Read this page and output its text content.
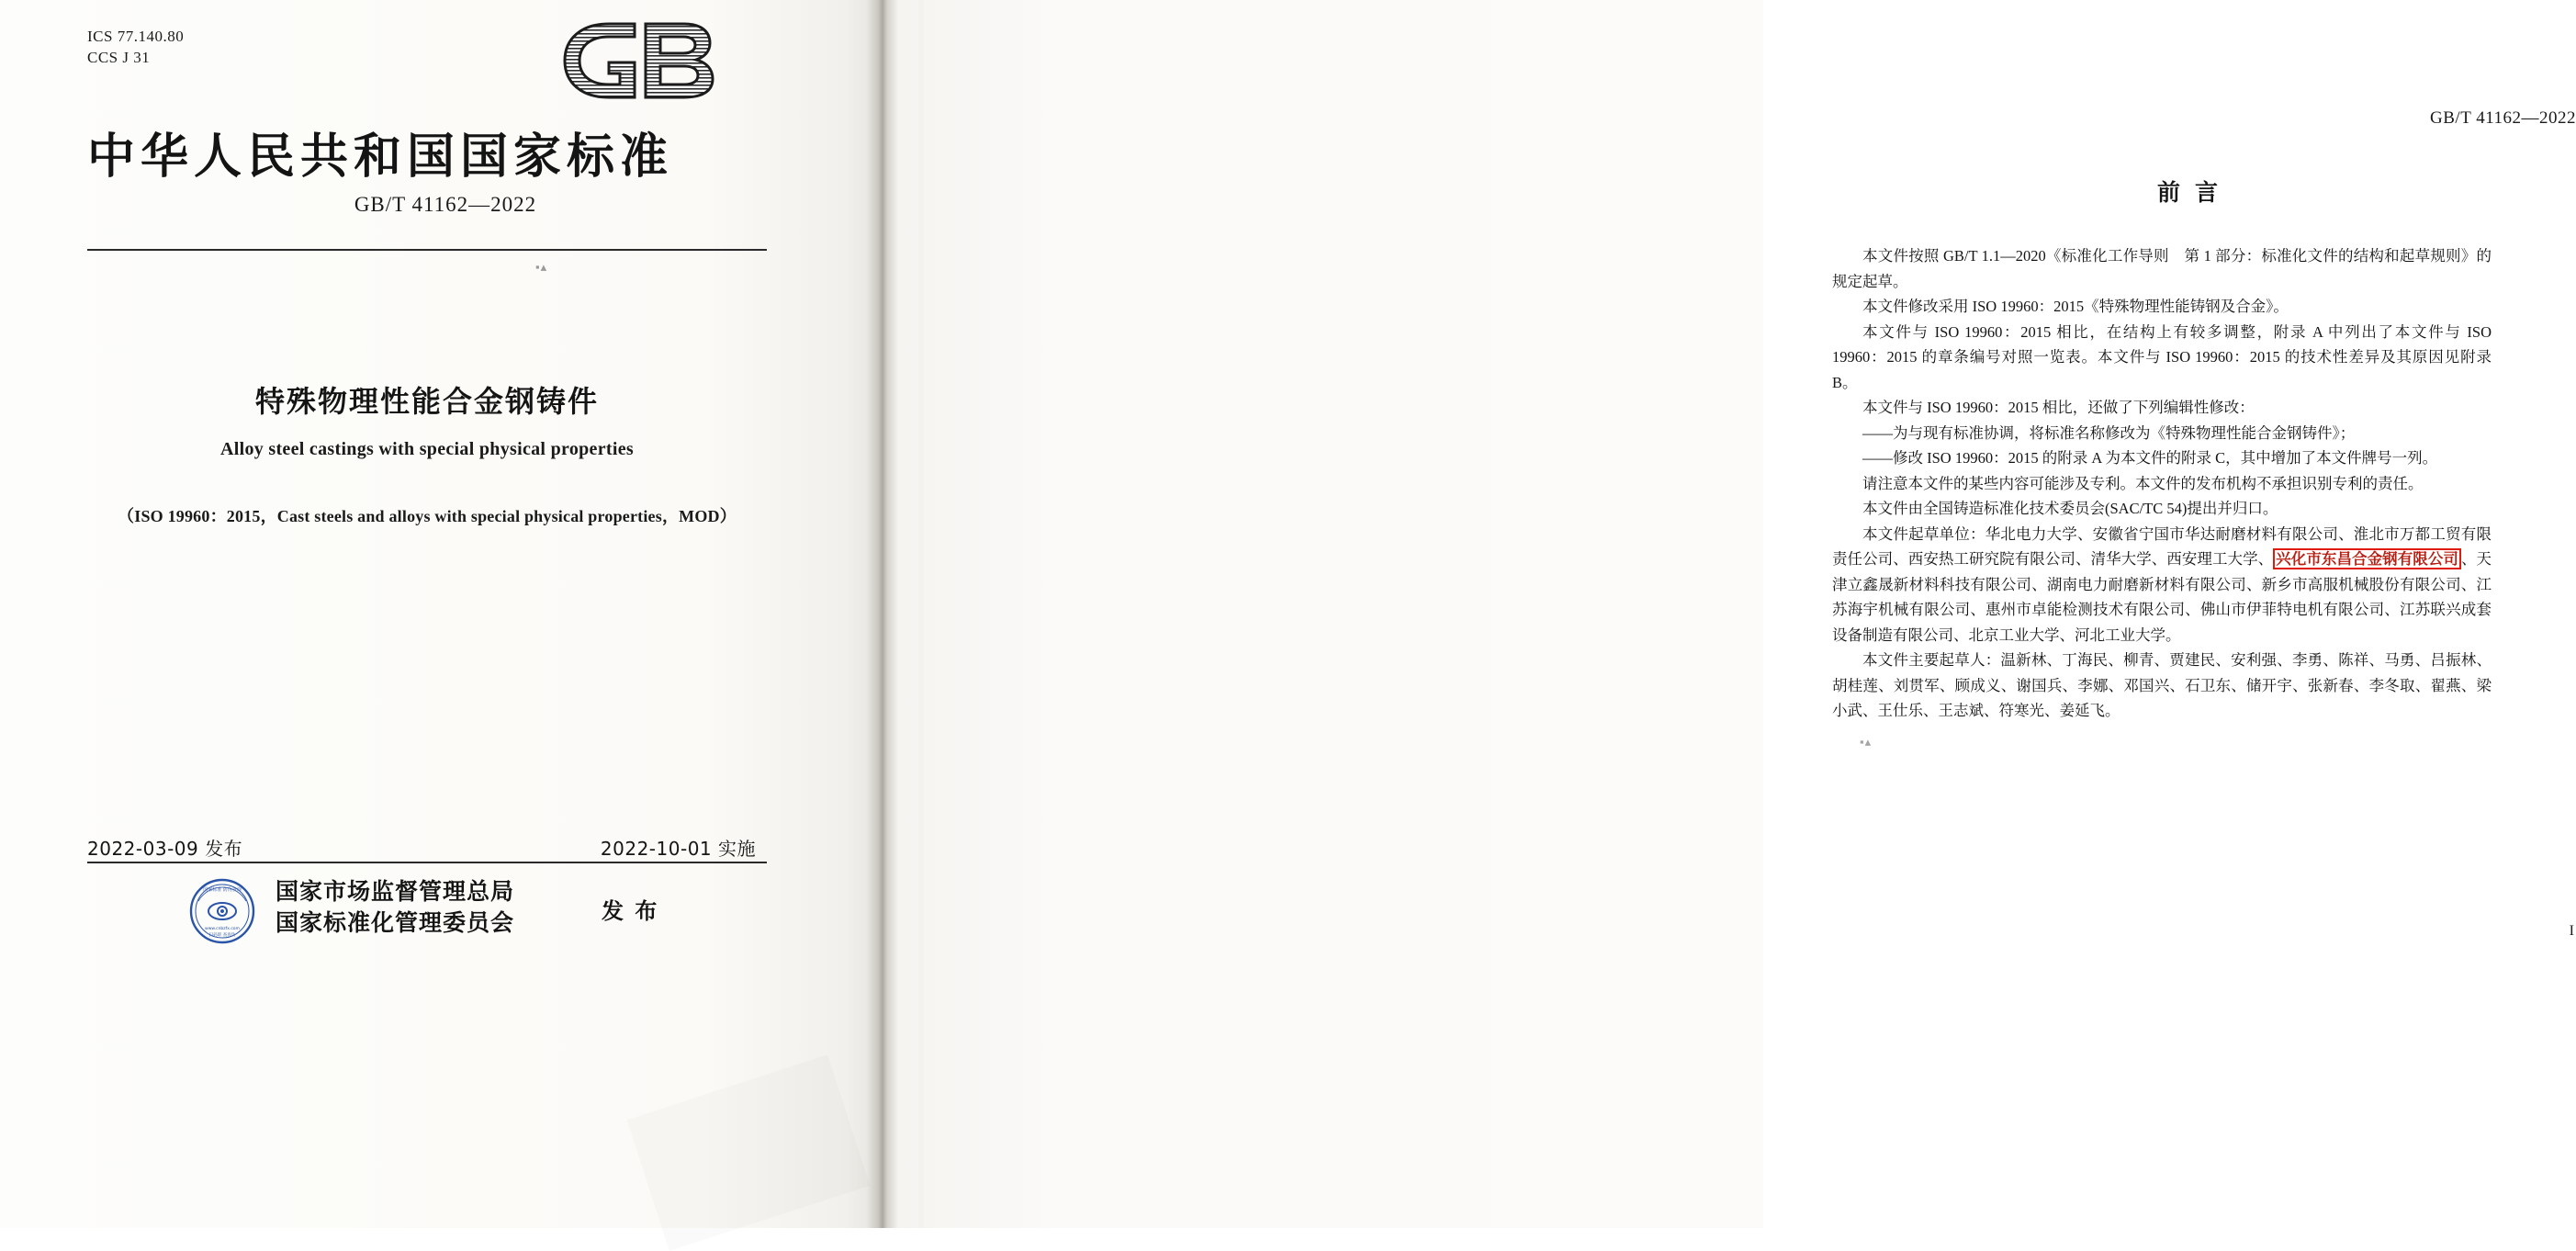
ICS 77.140.80
CCS J 31
中华人民共和国国家标准
GB/T 41162—2022
▪▴
特殊物理性能合金钢铸件
Alloy steel castings with special physical properties
（ISO 19960：2015，Cast steels and alloys with special physical properties，MOD）
2022-03-09 发布	2022-10-01 实施
国家标准 防伪查询
www.cnbzfx.com
扫码即 查真伪
国家市场监督管理总局
国家标准化管理委员会	发 布
GB/T 41162—2022
前言

本文件按照 GB/T 1.1—2020《标准化工作导则　第 1 部分：标准化文件的结构和起草规则》的规定起草。

本文件修改采用 ISO 19960：2015《特殊物理性能铸钢及合金》。

本文件与 ISO 19960：2015 相比，在结构上有较多调整，附录 A 中列出了本文件与 ISO 19960：2015 的章条编号对照一览表。本文件与 ISO 19960：2015 的技术性差异及其原因见附录 B。

本文件与 ISO 19960：2015 相比，还做了下列编辑性修改：

——为与现有标准协调，将标准名称修改为《特殊物理性能合金钢铸件》；

——修改 ISO 19960：2015 的附录 A 为本文件的附录 C，其中增加了本文件牌号一列。

请注意本文件的某些内容可能涉及专利。本文件的发布机构不承担识别专利的责任。

本文件由全国铸造标准化技术委员会(SAC/TC 54)提出并归口。

本文件起草单位：华北电力大学、安徽省宁国市华达耐磨材料有限公司、淮北市万都工贸有限责任公司、西安热工研究院有限公司、清华大学、西安理工大学、 兴化市东昌合金钢有限公司 、天津立鑫晟新材料科技有限公司、湖南电力耐磨新材料有限公司、新乡市高服机械股份有限公司、江苏海宇机械有限公司、惠州市卓能检测技术有限公司、佛山市伊菲特电机有限公司、江苏联兴成套设备制造有限公司、北京工业大学、河北工业大学。

本文件主要起草人：温新林、丁海民、柳青、贾建民、安利强、李勇、陈祥、马勇、吕振林、胡桂莲、刘贯军、顾成义、谢国兵、李娜、邓国兴、石卫东、储开宇、张新春、李冬取、翟燕、梁小武、王仕乐、王志斌、符寒光、姜延飞。

▪▴
I
